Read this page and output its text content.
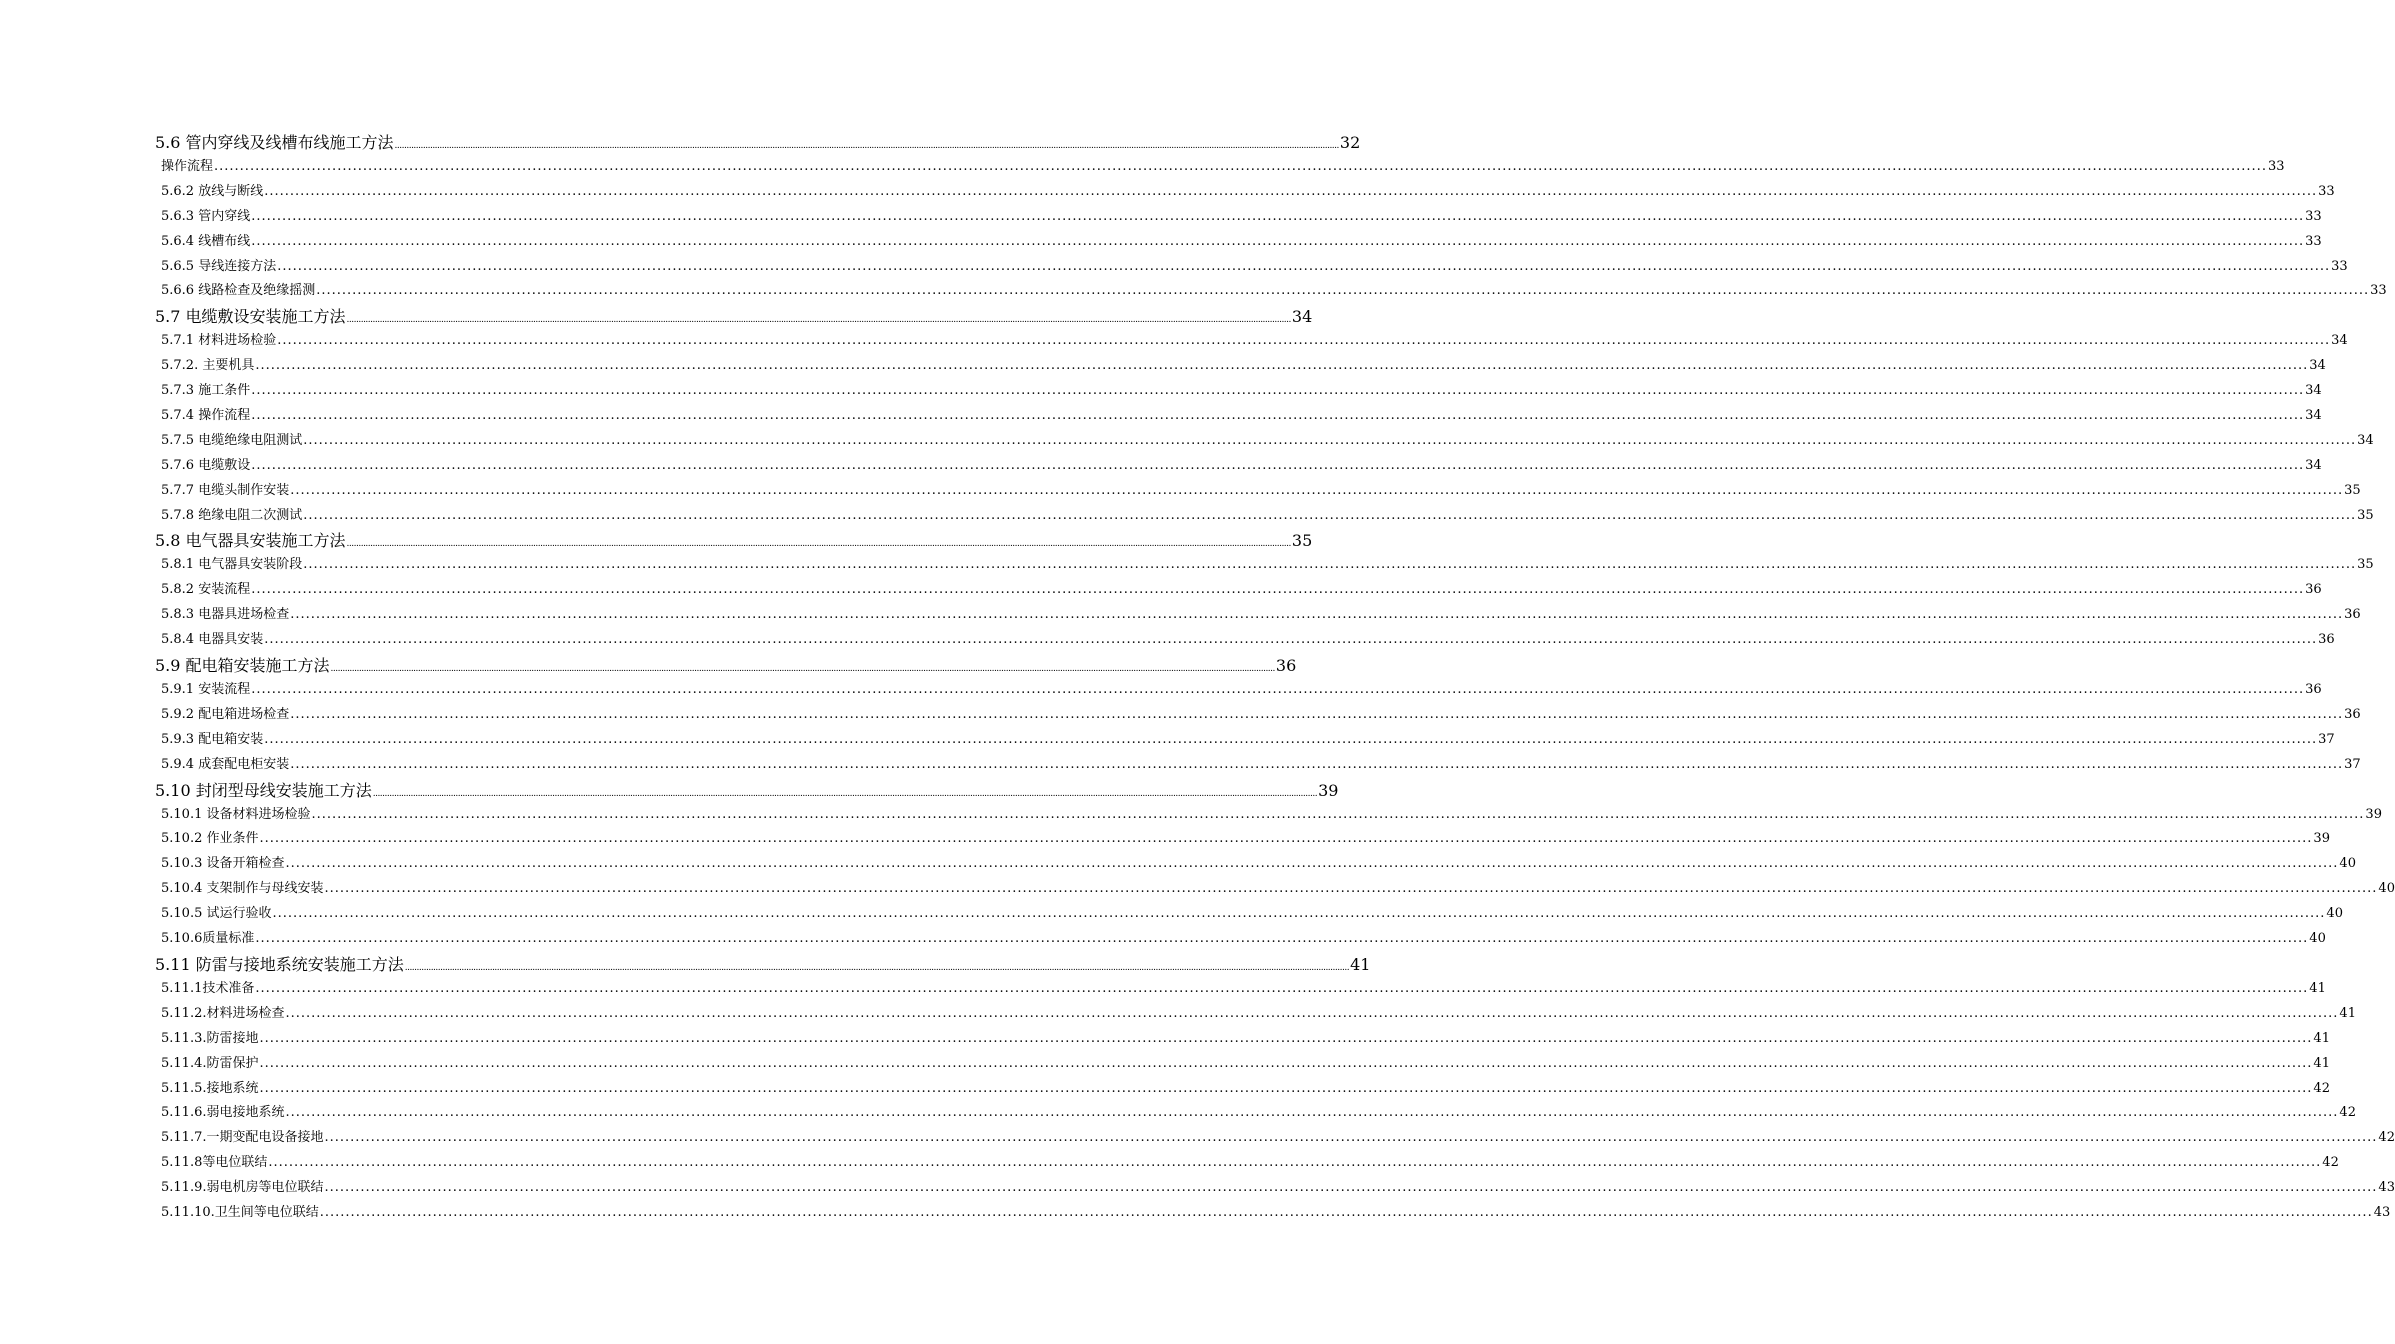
5.6 管内穿线及线槽布线施工方法 ................................................................................................................................................................................................................................................................................................................................................................................................................ 32
操作流程 ................................................................................................................................................................................................................................................................................................................................................................................................................ 33
5.6.2 放线与断线 ................................................................................................................................................................................................................................................................................................................................................................................................................ 33
5.6.3 管内穿线 ................................................................................................................................................................................................................................................................................................................................................................................................................ 33
5.6.4 线槽布线 ................................................................................................................................................................................................................................................................................................................................................................................................................ 33
5.6.5 导线连接方法 ................................................................................................................................................................................................................................................................................................................................................................................................................ 33
5.6.6 线路检查及绝缘摇测 ................................................................................................................................................................................................................................................................................................................................................................................................................ 33
5.7 电缆敷设安装施工方法 ................................................................................................................................................................................................................................................................................................................................................................................................................ 34
5.7.1 材料进场检验 ................................................................................................................................................................................................................................................................................................................................................................................................................ 34
5.7.2. 主要机具 ................................................................................................................................................................................................................................................................................................................................................................................................................ 34
5.7.3 施工条件 ................................................................................................................................................................................................................................................................................................................................................................................................................ 34
5.7.4 操作流程 ................................................................................................................................................................................................................................................................................................................................................................................................................ 34
5.7.5 电缆绝缘电阻测试 ................................................................................................................................................................................................................................................................................................................................................................................................................ 34
5.7.6 电缆敷设 ................................................................................................................................................................................................................................................................................................................................................................................................................ 34
5.7.7 电缆头制作安装 ................................................................................................................................................................................................................................................................................................................................................................................................................ 35
5.7.8 绝缘电阻二次测试 ................................................................................................................................................................................................................................................................................................................................................................................................................ 35
5.8 电气器具安装施工方法 ................................................................................................................................................................................................................................................................................................................................................................................................................ 35
5.8.1 电气器具安装阶段 ................................................................................................................................................................................................................................................................................................................................................................................................................ 35
5.8.2 安装流程 ................................................................................................................................................................................................................................................................................................................................................................................................................ 36
5.8.3 电器具进场检查 ................................................................................................................................................................................................................................................................................................................................................................................................................ 36
5.8.4 电器具安装 ................................................................................................................................................................................................................................................................................................................................................................................................................ 36
5.9 配电箱安装施工方法 ................................................................................................................................................................................................................................................................................................................................................................................................................ 36
5.9.1 安装流程 ................................................................................................................................................................................................................................................................................................................................................................................................................ 36
5.9.2 配电箱进场检查 ................................................................................................................................................................................................................................................................................................................................................................................................................ 36
5.9.3 配电箱安装 ................................................................................................................................................................................................................................................................................................................................................................................................................ 37
5.9.4 成套配电柜安装 ................................................................................................................................................................................................................................................................................................................................................................................................................ 37
5.10 封闭型母线安装施工方法 ................................................................................................................................................................................................................................................................................................................................................................................................................ 39
5.10.1 设备材料进场检验 ................................................................................................................................................................................................................................................................................................................................................................................................................ 39
5.10.2 作业条件 ................................................................................................................................................................................................................................................................................................................................................................................................................ 39
5.10.3 设备开箱检查 ................................................................................................................................................................................................................................................................................................................................................................................................................ 40
5.10.4 支架制作与母线安装 ................................................................................................................................................................................................................................................................................................................................................................................................................ 40
5.10.5 试运行验收 ................................................................................................................................................................................................................................................................................................................................................................................................................ 40
5.10.6质量标准 ................................................................................................................................................................................................................................................................................................................................................................................................................ 40
5.11 防雷与接地系统安装施工方法 ................................................................................................................................................................................................................................................................................................................................................................................................................ 41
5.11.1技术准备 ................................................................................................................................................................................................................................................................................................................................................................................................................ 41
5.11.2.材料进场检查 ................................................................................................................................................................................................................................................................................................................................................................................................................ 41
5.11.3.防雷接地 ................................................................................................................................................................................................................................................................................................................................................................................................................ 41
5.11.4.防雷保护 ................................................................................................................................................................................................................................................................................................................................................................................................................ 41
5.11.5.接地系统 ................................................................................................................................................................................................................................................................................................................................................................................................................ 42
5.11.6.弱电接地系统 ................................................................................................................................................................................................................................................................................................................................................................................................................ 42
5.11.7.一期变配电设备接地 ................................................................................................................................................................................................................................................................................................................................................................................................................ 42
5.11.8等电位联结 ................................................................................................................................................................................................................................................................................................................................................................................................................ 42
5.11.9.弱电机房等电位联结 ................................................................................................................................................................................................................................................................................................................................................................................................................ 43
5.11.10.卫生间等电位联结 ................................................................................................................................................................................................................................................................................................................................................................................................................ 43
